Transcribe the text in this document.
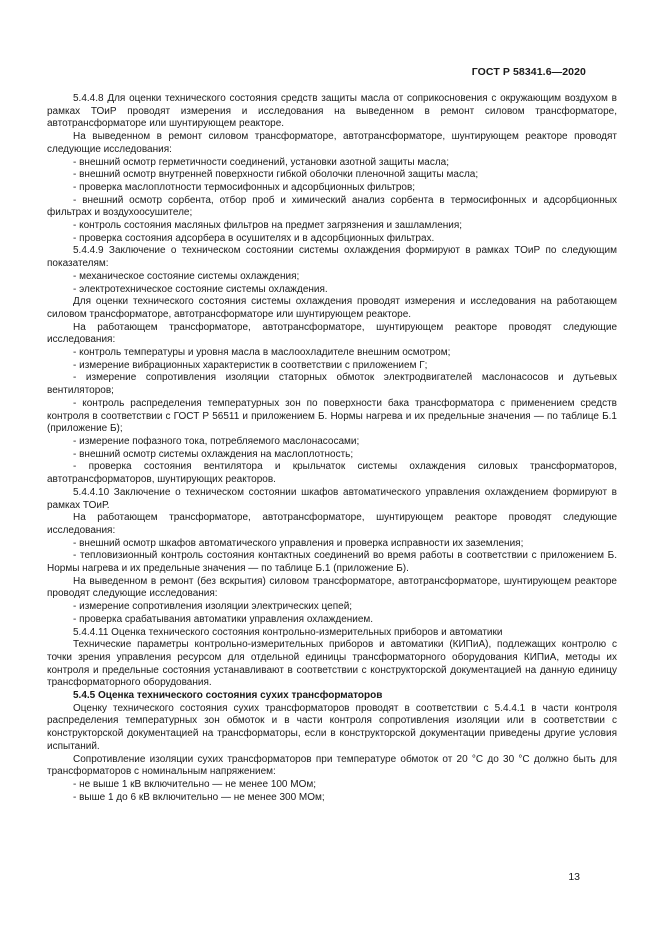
ГОСТ Р 58341.6—2020

5.4.4.8 Для оценки технического состояния средств защиты масла от соприкосновения с окружающим воздухом в рамках ТОиР проводят измерения и исследования на выведенном в ремонт силовом трансформаторе, автотрансформаторе или шунтирующем реакторе.

На выведенном в ремонт силовом трансформаторе, автотрансформаторе, шунтирующем реакторе проводят следующие исследования:

- внешний осмотр герметичности соединений, установки азотной защиты масла;

- внешний осмотр внутренней поверхности гибкой оболочки пленочной защиты масла;

- проверка маслоплотности термосифонных и адсорбционных фильтров;

- внешний осмотр сорбента, отбор проб и химический анализ сорбента в термосифонных и адсорбционных фильтрах и воздухоосушителе;

- контроль состояния масляных фильтров на предмет загрязнения и зашламления;

- проверка состояния адсорбера в осушителях и в адсорбционных фильтрах.

5.4.4.9 Заключение о техническом состоянии системы охлаждения формируют в рамках ТОиР по следующим показателям:

- механическое состояние системы охлаждения;

- электротехническое состояние системы охлаждения.

Для оценки технического состояния системы охлаждения проводят измерения и исследования на работающем силовом трансформаторе, автотрансформаторе или шунтирующем реакторе.

На работающем трансформаторе, автотрансформаторе, шунтирующем реакторе проводят следующие исследования:

- контроль температуры и уровня масла в маслоохладителе внешним осмотром;

- измерение вибрационных характеристик в соответствии с приложением Г;

- измерение сопротивления изоляции статорных обмоток электродвигателей маслонасосов и дутьевых вентиляторов;

- контроль распределения температурных зон по поверхности бака трансформатора с применением средств контроля в соответствии с ГОСТ Р 56511 и приложением Б. Нормы нагрева и их предельные значения — по таблице Б.1 (приложение Б);

- измерение пофазного тока, потребляемого маслонасосами;

- внешний осмотр системы охлаждения на маслоплотность;

- проверка состояния вентилятора и крыльчаток системы охлаждения силовых трансформаторов, автотрансформаторов, шунтирующих реакторов.

5.4.4.10 Заключение о техническом состоянии шкафов автоматического управления охлаждением формируют в рамках ТОиР.

На работающем трансформаторе, автотрансформаторе, шунтирующем реакторе проводят следующие исследования:

- внешний осмотр шкафов автоматического управления и проверка исправности их заземления;

- тепловизионный контроль состояния контактных соединений во время работы в соответствии с приложением Б. Нормы нагрева и их предельные значения — по таблице Б.1 (приложение Б).

На выведенном в ремонт (без вскрытия) силовом трансформаторе, автотрансформаторе, шунтирующем реакторе проводят следующие исследования:

- измерение сопротивления изоляции электрических цепей;

- проверка срабатывания автоматики управления охлаждением.

5.4.4.11 Оценка технического состояния контрольно-измерительных приборов и автоматики

Технические параметры контрольно-измерительных приборов и автоматики (КИПиА), подлежащих контролю с точки зрения управления ресурсом для отдельной единицы трансформаторного оборудования КИПиА, методы их контроля и предельные состояния устанавливают в соответствии с конструкторской документацией на данную единицу трансформаторного оборудования.

5.4.5 Оценка технического состояния сухих трансформаторов

Оценку технического состояния сухих трансформаторов проводят в соответствии с 5.4.4.1 в части контроля распределения температурных зон обмоток и в части контроля сопротивления изоляции или в соответствии с конструкторской документацией на трансформаторы, если в конструкторской документации приведены другие условия испытаний.

Сопротивление изоляции сухих трансформаторов при температуре обмоток от 20 °С до 30 °С должно быть для трансформаторов с номинальным напряжением:

- не выше 1 кВ включительно — не менее 100 МОм;

- выше 1 до 6 кВ включительно — не менее 300 МОм;

13
